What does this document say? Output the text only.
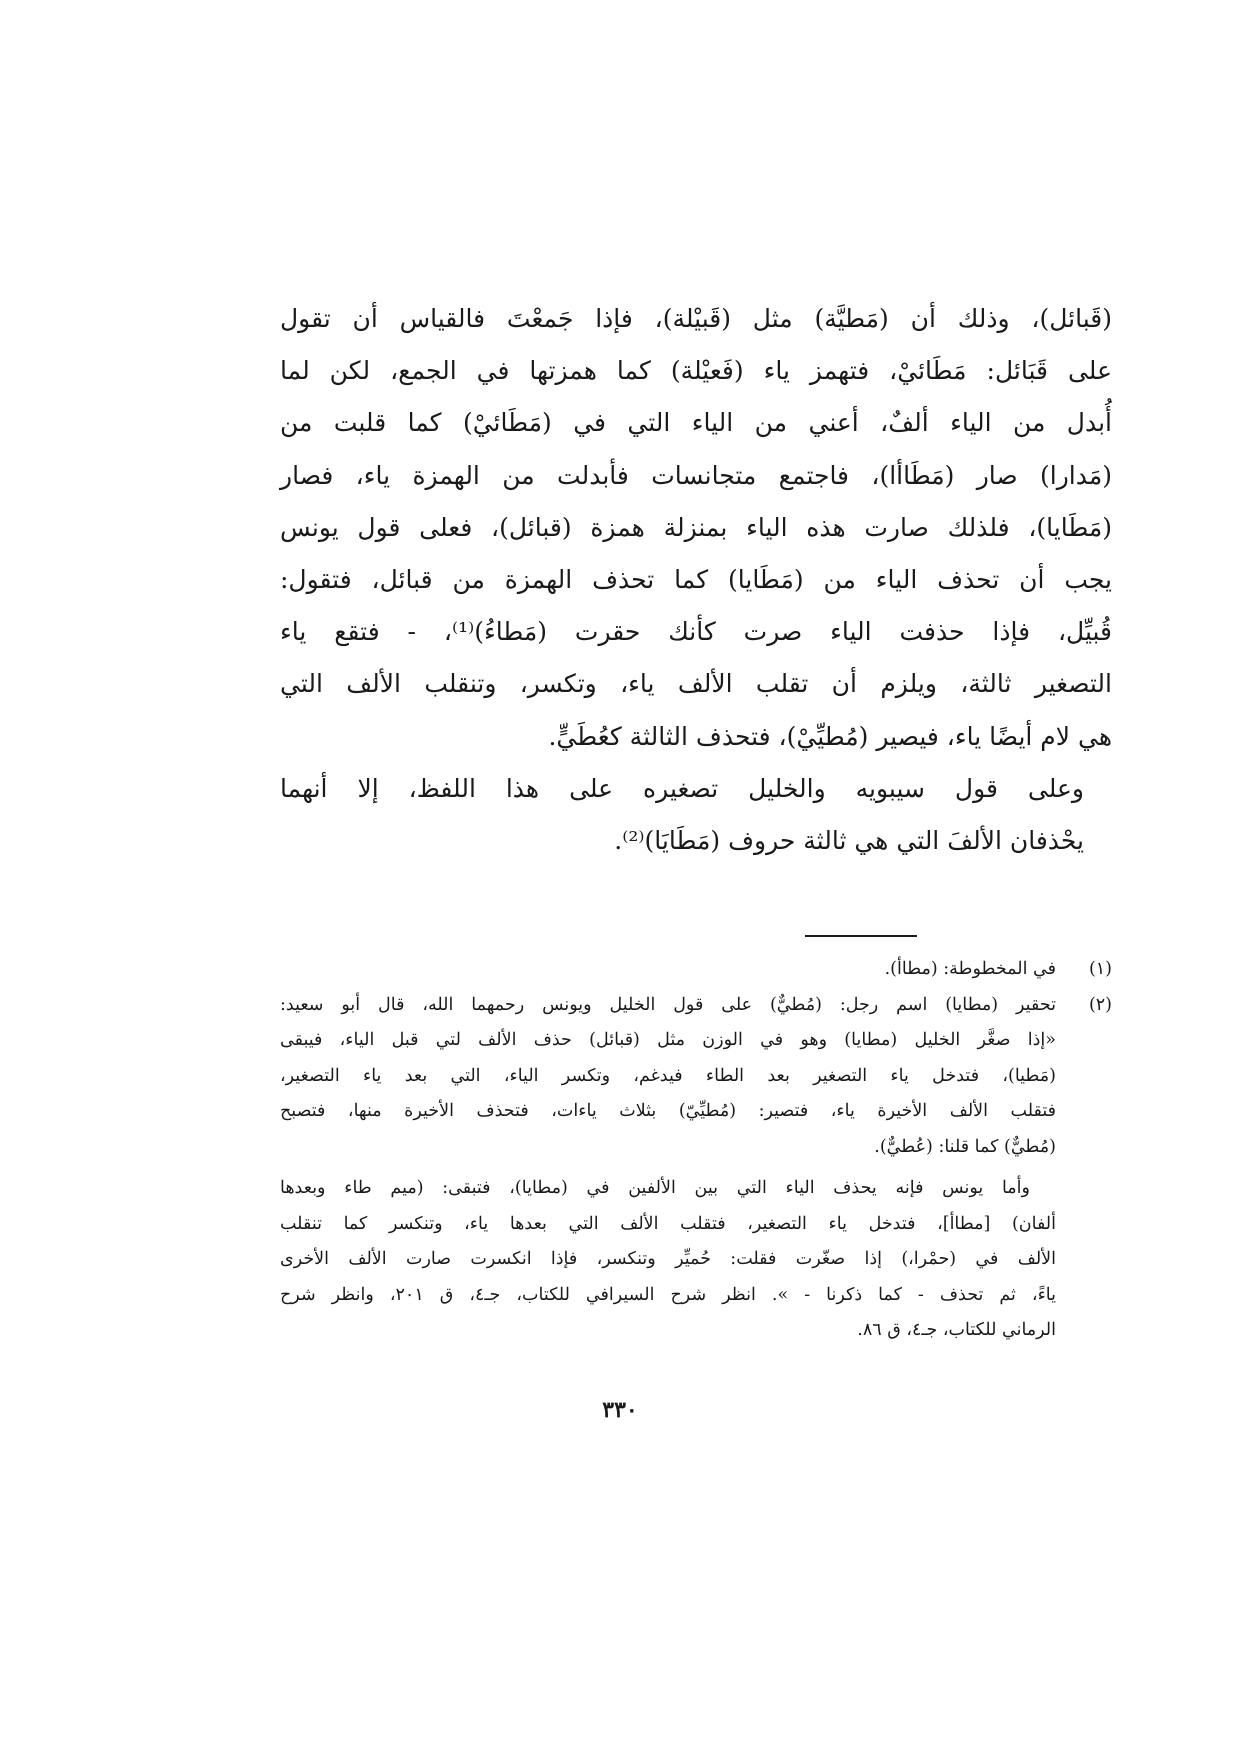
(قَبائل)، وذلك أن (مَطيَّة) مثل (قَبيْلة)، فإذا جَمعْتَ فالقياس أن تقول
على قَبَائل: مَطَائيْ، فتهمز ياء (فَعيْلة) كما همزتها في الجمع، لكن لما
أُبدل من الياء ألفٌ، أعني من الياء التي في (مَطَائيْ) كما قلبت من
(مَدارا) صار (مَطَاأا)، فاجتمع متجانسات فأبدلت من الهمزة ياء، فصار
(مَطَايا)، فلذلك صارت هذه الياء بمنزلة همزة (قبائل)، فعلى قول يونس
يجب أن تحذف الياء من (مَطَايا) كما تحذف الهمزة من قبائل، فتقول:
قُبيِّل، فإذا حذفت الياء صرت كأنك حقرت (مَطاءُ)⁽¹⁾، - فتقع ياء
التصغير ثالثة، ويلزم أن تقلب الألف ياء، وتكسر، وتنقلب الألف التي
هي لام أيضًا ياء، فيصير (مُطيِّيْ)، فتحذف الثالثة كعُطَيٍّ.
وعلى قول سيبويه والخليل تصغيره على هذا اللفظ، إلا أنهما
يحْذفان الألفَ التي هي ثالثة حروف (مَطَايَا)⁽²⁾.
(١)
في المخطوطة: (مطاأ).
(٢)
تحقير (مطايا) اسم رجل: (مُطيٌّ) على قول الخليل ويونس رحمهما الله، قال أبو سعيد:
«إذا صغَّر الخليل (مطايا) وهو في الوزن مثل (قبائل) حذف الألف لتي قبل الياء، فيبقى
(مَطيا)، فتدخل ياء التصغير بعد الطاء فيدغم، وتكسر الياء، التي بعد ياء التصغير،
فتقلب الألف الأخيرة ياء، فتصير: (مُطيِّيّ) بثلاث ياءات، فتحذف الأخيرة منها، فتصبح
(مُطيٌّ) كما قلنا: (عُطيٌّ).
وأما يونس فإنه يحذف الياء التي بين الألفين في (مطايا)، فتبقى: (ميم طاء وبعدها
ألفان) [مطاأ]، فتدخل ياء التصغير، فتقلب الألف التي بعدها ياء، وتنكسر كما تنقلب
الألف في (حمْرا،) إذا صغّرت فقلت: حُميِّر وتنكسر، فإذا انكسرت صارت الألف الأخرى
ياءً، ثم تحذف - كما ذكرنا - ». انظر شرح السيرافي للكتاب، جـ٤، ق ٢٠١، وانظر شرح
الرماني للكتاب، جـ٤، ق ٨٦.
٣٣٠
